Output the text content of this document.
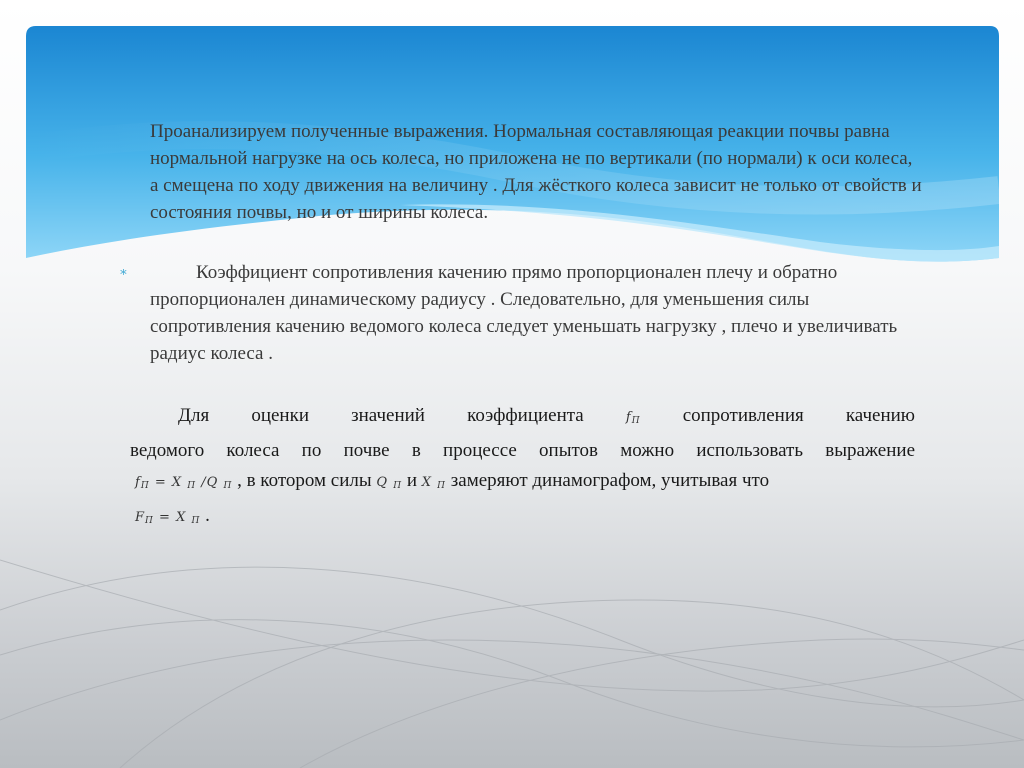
Проанализируем полученные выражения. Нормальная составляющая реакции почвы равна нормальной нагрузке на ось колеса, но приложена не по вертикали (по нормали) к оси колеса, а смещена по ходу движения на величину . Для жёсткого колеса зависит не только от свойств и состояния почвы, но и от ширины колеса.

∗	Коэффициент сопротивления качению прямо пропорционален плечу и обратно пропорционален динамическому радиусу . Следовательно, для уменьшения силы сопротивления качению ведомого колеса следует уменьшать нагрузку , плечо и увеличивать радиус колеса .

Для оценки значений коэффициента	$f_П$ сопротивления качению
ведомого колеса по почве в процессе опытов можно использовать выражение
$f_П = X$ $_П$ /Q $_П$ , в котором силы Q $_П$ и X $_П$ замеряют динамографом, учитывая что
$F_П = X$ $_П$ .
